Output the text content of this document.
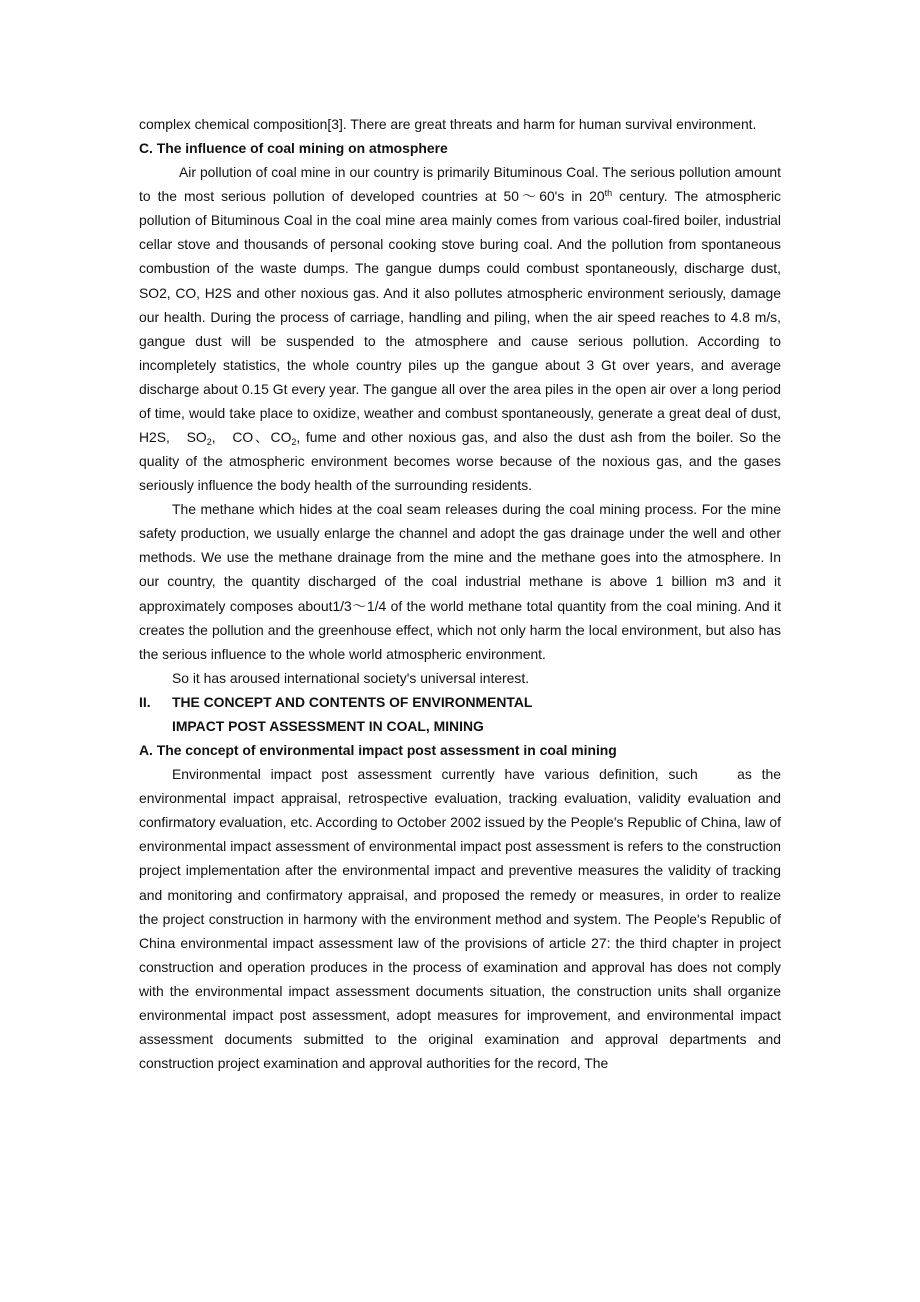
complex chemical composition[3]. There are great threats and harm for human survival environment.

C. The influence of coal mining on atmosphere

Air pollution of coal mine in our country is primarily Bituminous Coal. The serious pollution amount to the most serious pollution of developed countries at 50～60's in 20th century. The atmospheric pollution of Bituminous Coal in the coal mine area mainly comes from various coal-fired boiler, industrial cellar stove and thousands of personal cooking stove buring coal. And the pollution from spontaneous combustion of the waste dumps. The gangue dumps could combust spontaneously, discharge dust, SO2, CO, H2S and other noxious gas. And it also pollutes atmospheric environment seriously, damage our health. During the process of carriage, handling and piling, when the air speed reaches to 4.8 m/s, gangue dust will be suspended to the atmosphere and cause serious pollution. According to incompletely statistics, the whole country piles up the gangue about 3 Gt over years, and average discharge about 0.15 Gt every year. The gangue all over the area piles in the open air over a long period of time, would take place to oxidize, weather and combust spontaneously, generate a great deal of dust, H2S,   $SO_2$,   CO、$CO_2$, fume and other noxious gas, and also the dust ash from the boiler. So the quality of the atmospheric environment becomes worse because of the noxious gas, and the gases seriously influence the body health of the surrounding residents.

The methane which hides at the coal seam releases during the coal mining process. For the mine safety production, we usually enlarge the channel and adopt the gas drainage under the well and other methods. We use the methane drainage from the mine and the methane goes into the atmosphere. In our country, the quantity discharged of the coal industrial methane is above 1 billion m3 and it approximately composes about1/3～1/4 of the world methane total quantity from the coal mining. And it creates the pollution and the greenhouse effect, which not only harm the local environment, but also has the serious influence to the whole world atmospheric environment.

So it has aroused international society's universal interest.

II. THE CONCEPT AND CONTENTS OF ENVIRONMENTAL

IMPACT POST ASSESSMENT IN COAL, MINING

A. The concept of environmental impact post assessment in coal mining

Environmental impact post assessment currently have various definition, such    as the environmental impact appraisal, retrospective evaluation, tracking evaluation, validity evaluation and confirmatory evaluation, etc. According to October 2002 issued by the People's Republic of China, law of environmental impact assessment of environmental impact post assessment is refers to the construction project implementation after the environmental impact and preventive measures the validity of tracking and monitoring and confirmatory appraisal, and proposed the remedy or measures, in order to realize the project construction in harmony with the environment method and system. The People's Republic of China environmental impact assessment law of the provisions of article 27: the third chapter in project construction and operation produces in the process of examination and approval has does not comply with the environmental impact assessment documents situation, the construction units shall organize environmental impact post assessment, adopt measures for improvement, and environmental impact assessment documents submitted to the original examination and approval departments and construction project examination and approval authorities for the record, The
